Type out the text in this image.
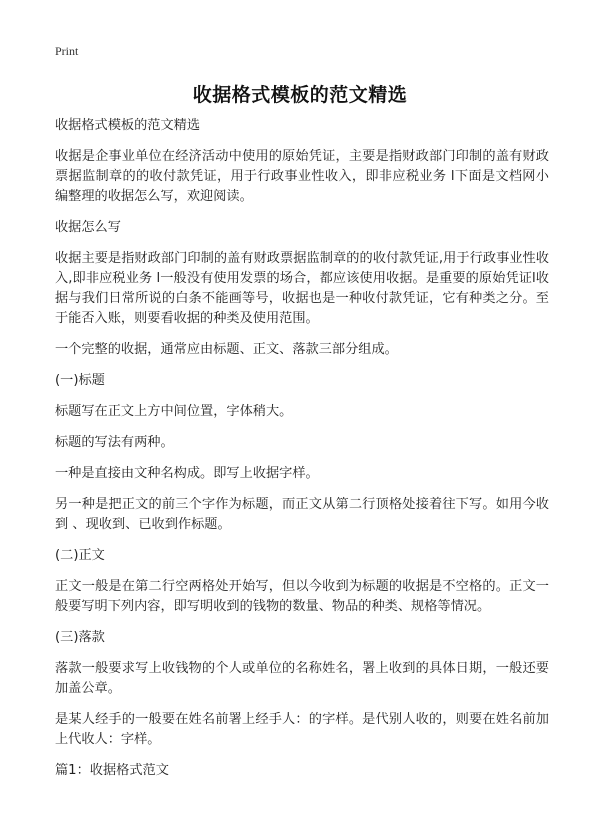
Print
收据格式模板的范文精选

收据格式模板的范文精选

收据是企事业单位在经济活动中使用的原始凭证，主要是指财政部门印制的盖有财政票据监制章的的收付款凭证，用于行政事业性收入，即非应税业务 l下面是文档网小编整理的收据怎么写，欢迎阅读。

收据怎么写

收据主要是指财政部门印制的盖有财政票据监制章的的收付款凭证,用于行政事业性收入,即非应税业务 l一般没有使用发票的场合，都应该使用收据。是重要的原始凭证l收据与我们日常所说的白条不能画等号，收据也是一种收付款凭证，它有种类之分。至于能否入账，则要看收据的种类及使用范围。

一个完整的收据，通常应由标题、正文、落款三部分组成。

(一)标题

标题写在正文上方中间位置，字体稍大。

标题的写法有两种。

一种是直接由文种名构成。即写上收据字样。

另一种是把正文的前三个字作为标题，而正文从第二行顶格处接着往下写。如用今收到 、现收到、已收到作标题。

(二)正文

正文一般是在第二行空两格处开始写，但以今收到为标题的收据是不空格的。正文一般要写明下列内容，即写明收到的钱物的数量、物品的种类、规格等情况。

(三)落款

落款一般要求写上收钱物的个人或单位的名称姓名，署上收到的具体日期，一般还要加盖公章。

是某人经手的一般要在姓名前署上经手人：的字样。是代别人收的，则要在姓名前加上代收人：字样。

篇1：收据格式范文
